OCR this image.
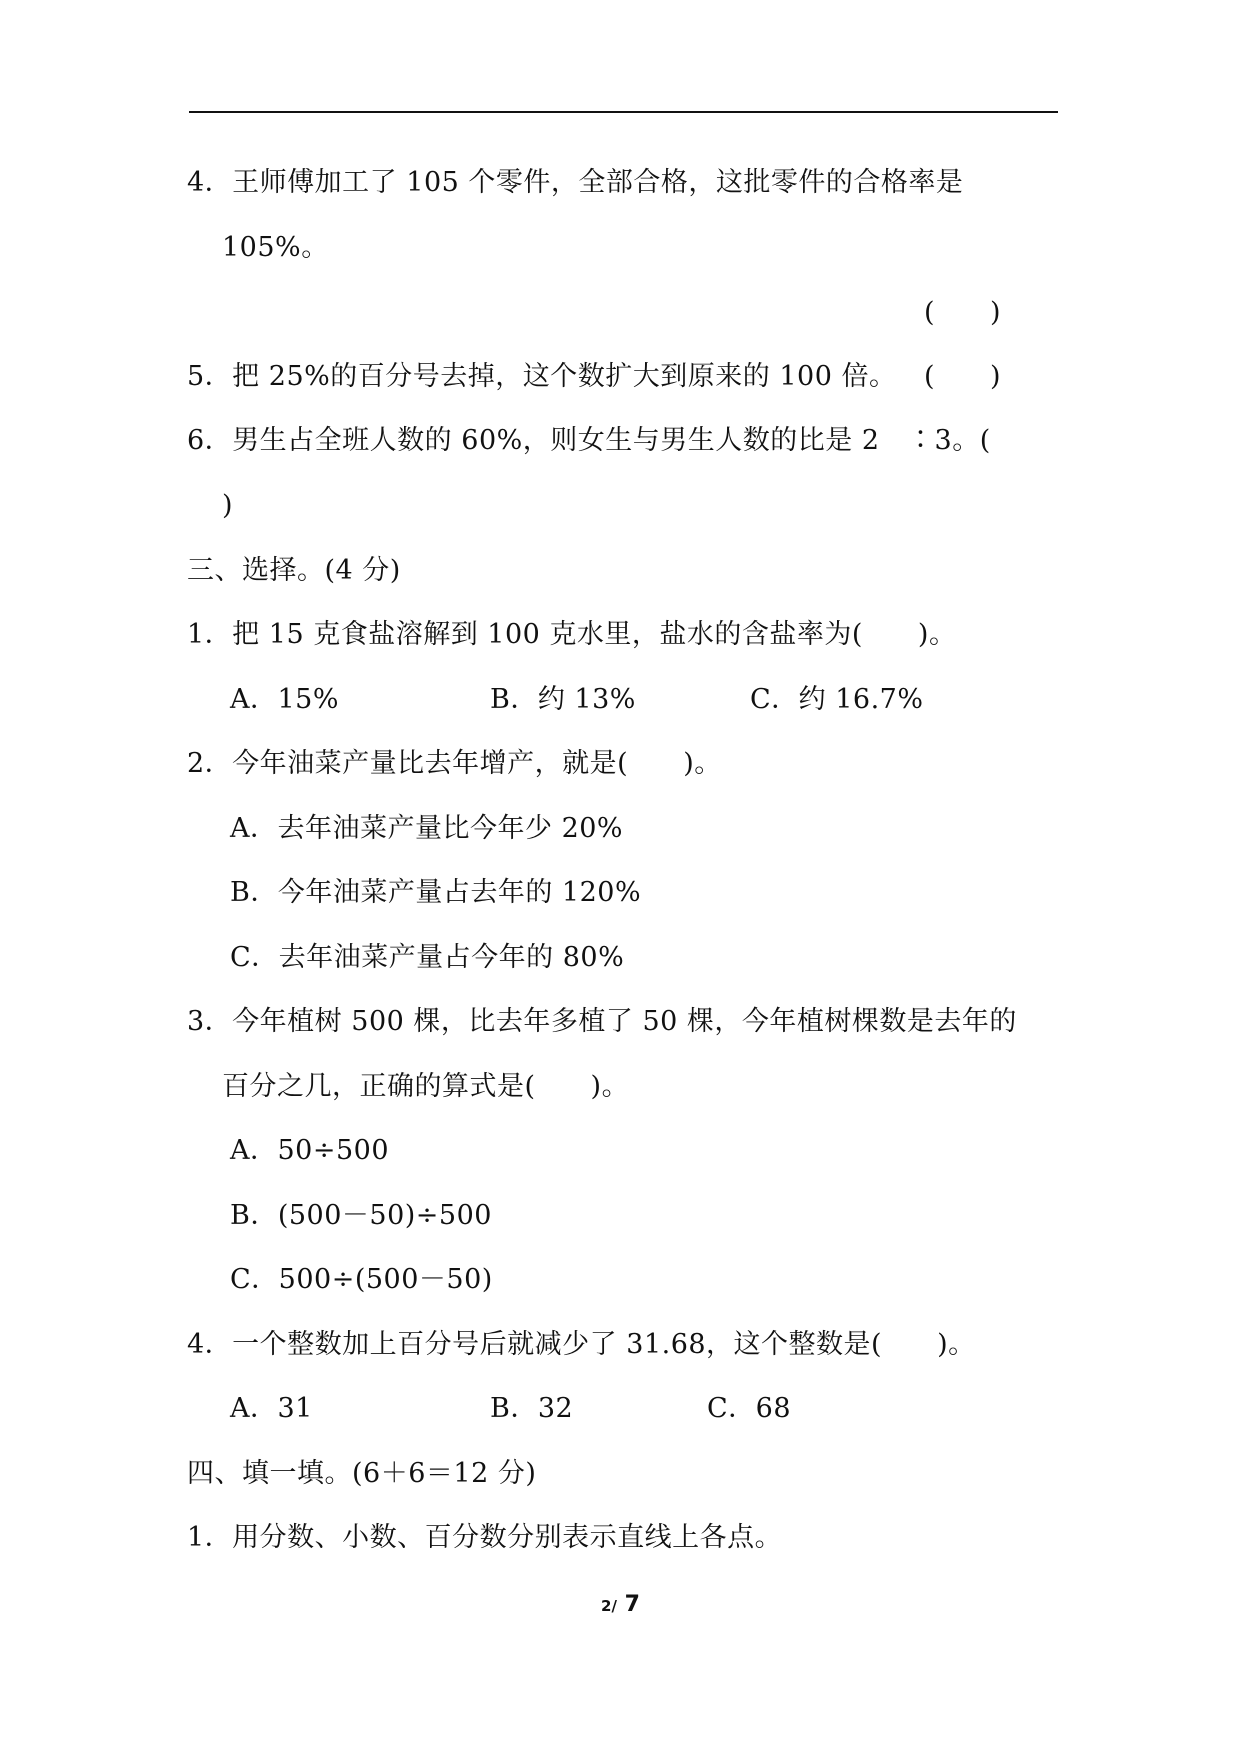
4．王师傅加工了 105 个零件，全部合格，这批零件的合格率是
105%。
(　　)
5．把 25%的百分号去掉，这个数扩大到原来的 100 倍。 (　　)
6．男生占全班人数的 60%，则女生与男生人数的比是 2　∶3。(
)
三、选择。(4 分)
1．把 15 克食盐溶解到 100 克水里，盐水的含盐率为(　　)。
A．15%	B．约 13%	C．约 16.7%
2．今年油菜产量比去年增产，就是(　　)。
A．去年油菜产量比今年少 20%
B．今年油菜产量占去年的 120%
C．去年油菜产量占今年的 80%
3．今年植树 500 棵，比去年多植了 50 棵，今年植树棵数是去年的
百分之几，正确的算式是(　　)。
A．50÷500
B．(500－50)÷500
C．500÷(500－50)
4．一个整数加上百分号后就减少了 31.68，这个整数是(　　)。
A．31	B．32	C．68
四、填一填。(6＋6＝12 分)
1．用分数、小数、百分数分别表示直线上各点。
2/ 7
